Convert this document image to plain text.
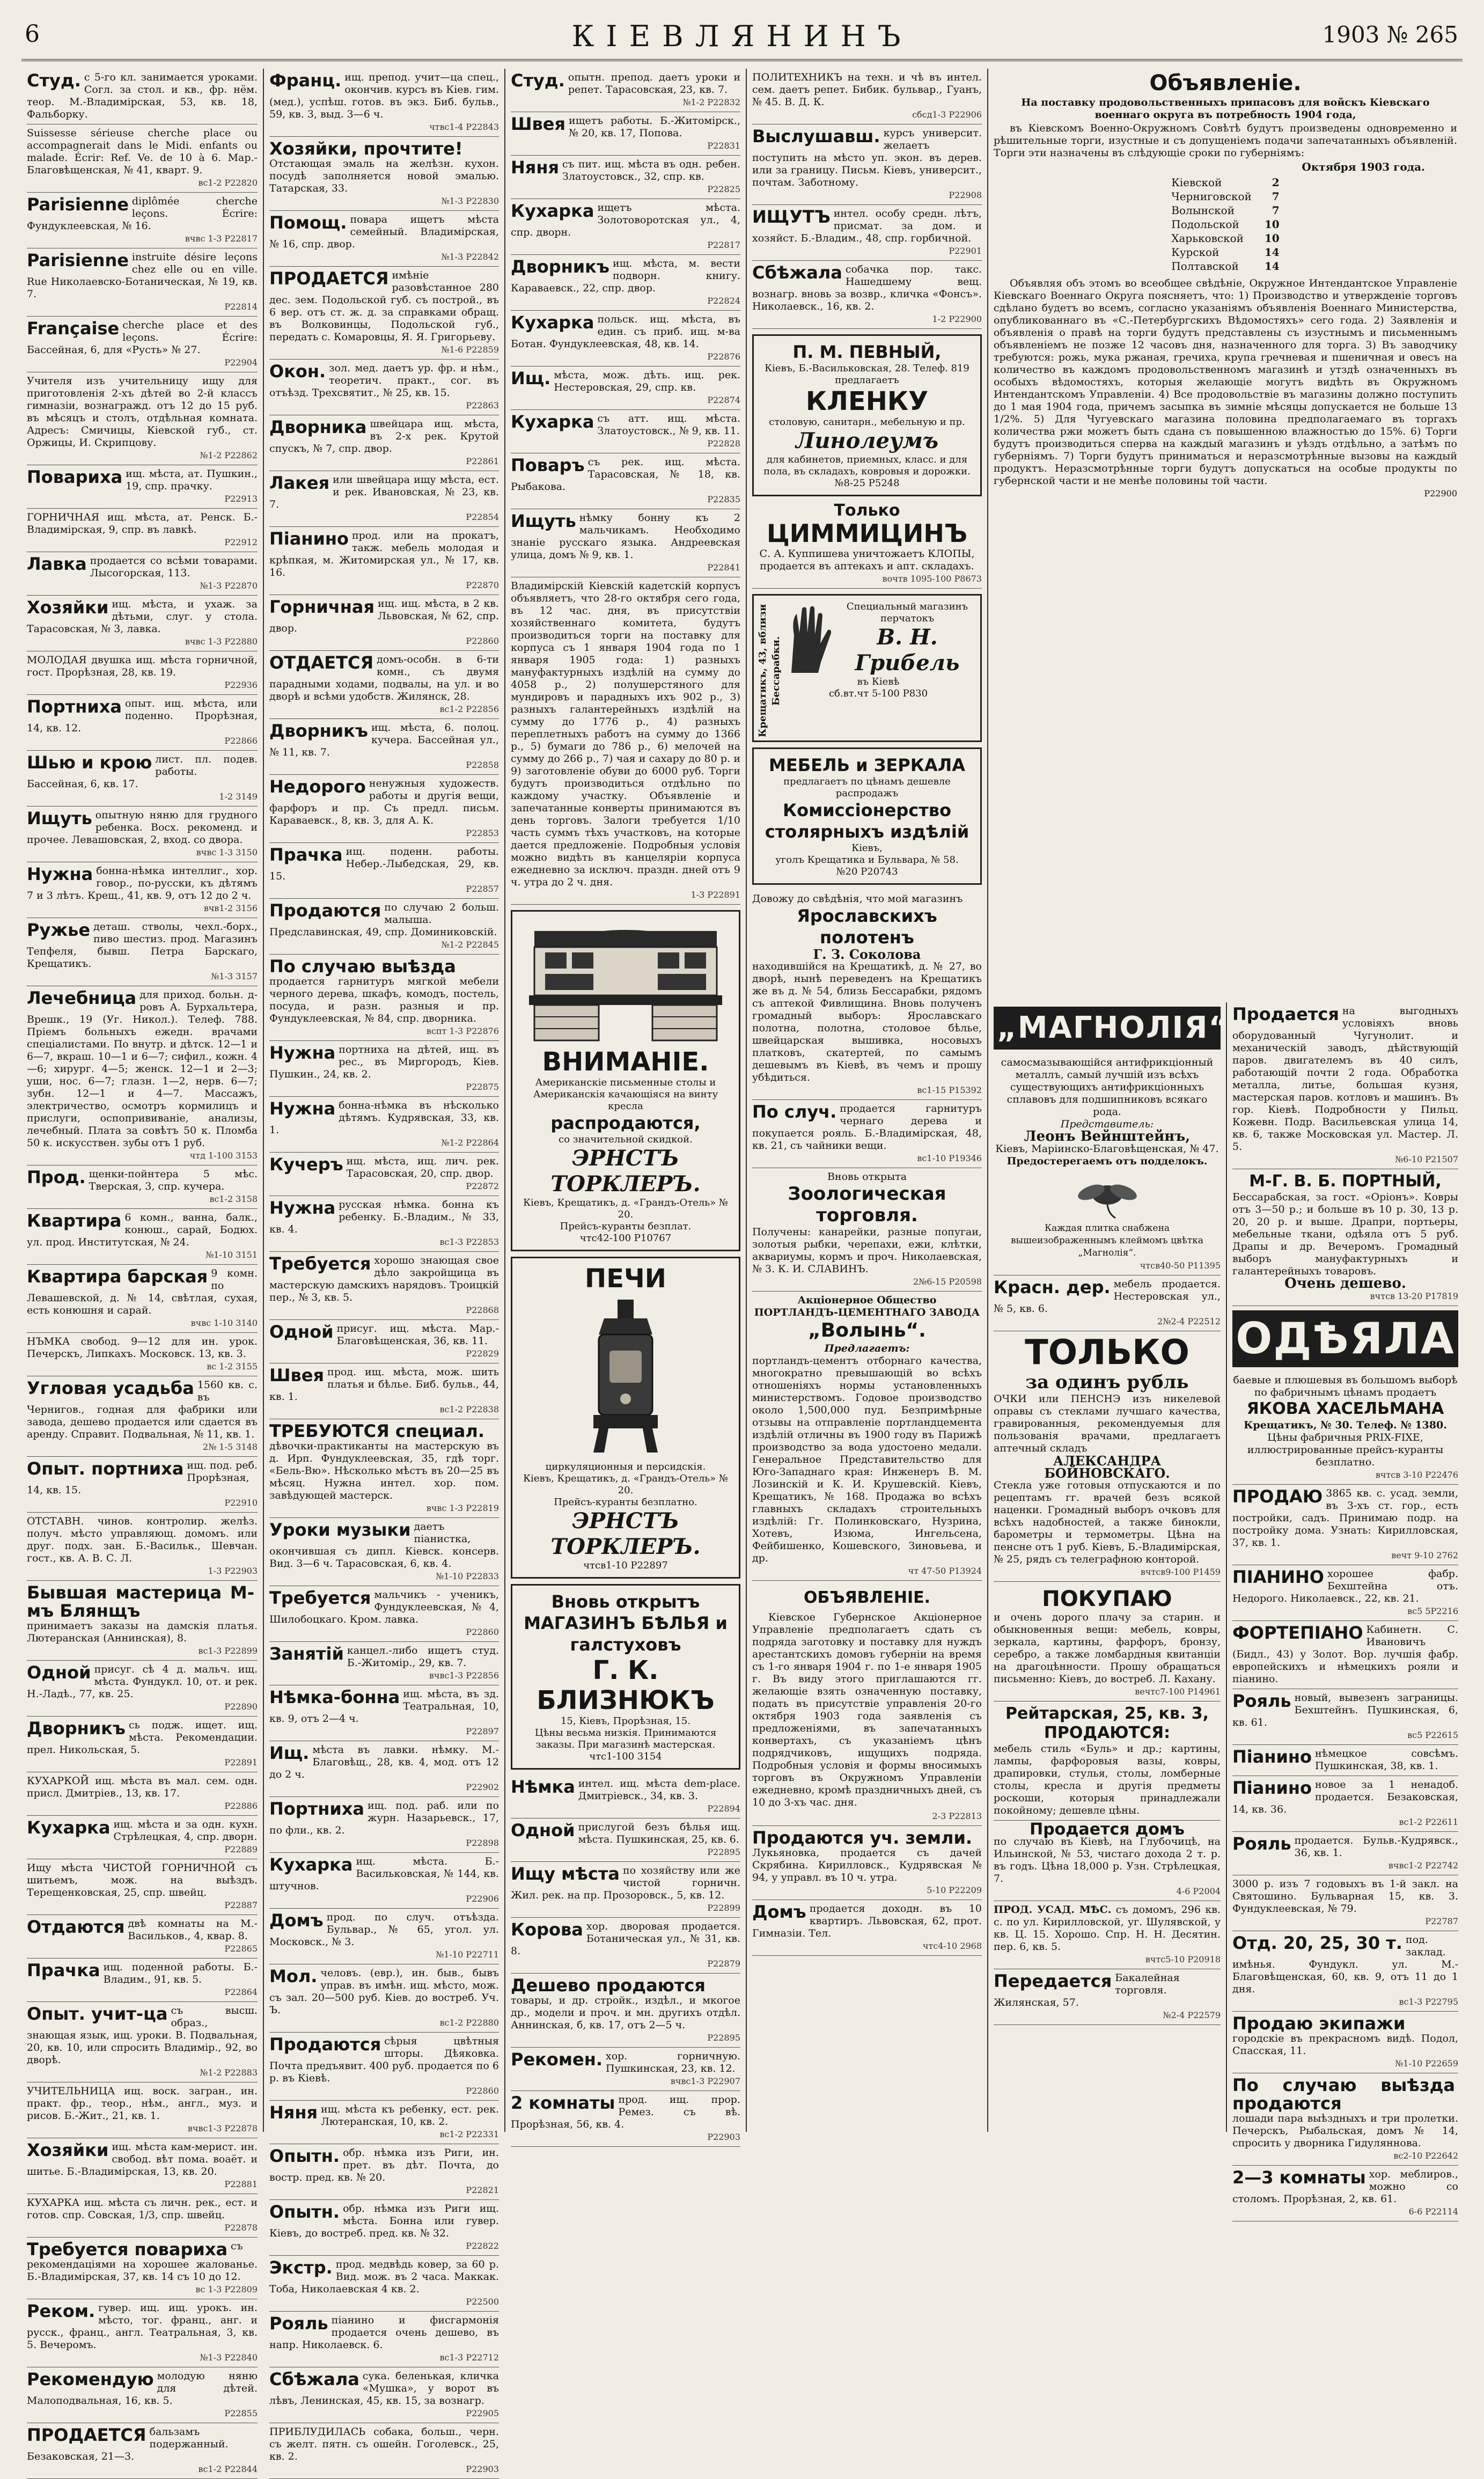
6	КІЕВЛЯНИНЪ	1903 № 265
Студ. с 5-го кл. занимается уроками. Согл. за стол. и кв., фр. нём. теор. М.-Владимірская, 53, кв. 18, Фальборку.
Suissesse sérieuse cherche place ou accompagnerait dans le Midi. enfants ou malade. Écrir: Ref. Ve. de 10 à 6. Мар.-Благовѣщенская, № 41, кварт. 9.
вс1-2 Р22820
Parisienne diplômée cherche leçons. Écrire: Фундуклеевская, № 16.
вчвс 1-3 Р22817
Parisienne instruite désire leçons chez elle ou en ville. Rue Николаевско-Ботаническая, № 19, кв. 7.
Р22814
Française cherche place et des leçons. Écrire: Бассейная, 6, для «Русть» № 27.
Р22904
Учителя изъ учительницу ищу для приготовленія 2-хъ дѣтей во 2-й классъ гимназіи, вознагражд. отъ 12 до 15 руб. въ мѣсяцъ и столъ, отдѣльная комната. Адресъ: Смичицы, Кіевской губ., ст. Оржицы, И. Скрипцову.
№1-2 Р22862
Повариха ищ. мѣста, ат. Пушкин., 19, спр. прачку.
Р22913
ГОРНИЧНАЯ ищ. мѣста, ат. Ренск. Б.-Владимірская, 9, спр. въ лавкѣ.
Р22912
Лавка продается со всѣми товарами. Лысогорская, 113.
№1-3 Р22870
Хозяйки ищ. мѣста, и ухаж. за дѣтьми, слуг. у стола. Тарасовская, № 3, лавка.
вчвс 1-3 Р22880
МОЛОДАЯ двушка ищ. мѣста горничной, гост. Прорѣзная, 28, кв. 19.
Р22936
Портниха опыт. ищ. мѣста, или поденно. Прорѣзная, 14, кв. 12.
Р22866
Шью и крою лист. пл. подев. работы. Бассейная, 6, кв. 17.
1-2 3149
Ищуть опытную няню для грудного ребенка. Восх. рекоменд. и прочее. Левашовская, 2, вход. со двора.
вчвс 1-3 3150
Нужна бонна-нѣмка интеллиг., хор. говор., по-русски, къ дѣтямъ 7 и 3 лѣтъ. Крещ., 41, кв. 9, отъ 12 до 2 ч.
вчв1-2 3156
Ружье деташ. стволы, чехл.-борх., пиво шестиз. прод. Магазинъ Тепфеля, бывш. Петра Барскаго, Крещатикъ.
№1-3 3157
Лечебница для приход. больн. д-ровъ А. Бурхальтера, Врешк., 19 (Уг. Никол.). Телеф. 788. Пріемъ больныхъ ежедн. врачами спеціалистами. По внутр. и дѣтск. 12—1 и 6—7, вкраш. 10—1 и 6—7; сифил., кожн. 4—6; хирург. 4—5; женск. 12—1 и 2—3; уши, нос. 6—7; глазн. 1—2, нерв. 6—7; зубн. 12—1 и 4—7. Массажъ, электричество, осмотръ кормилицъ и прислуги, оспопрививаніе, анализы, лечебный. Плата за совѣтъ 50 к. Пломба 50 к. искусствен. зубы отъ 1 руб.
чтд 1-100 3153
Прод. щенки-пойнтера 5 мѣс. Тверская, 3, спр. кучера.
вс1-2 3158
Квартира 6 комн., ванна, балк., конюш., сарай, Бодюх. ул. прод. Институтская, № 24.
№1-10 3151
Квартира барская 9 комн. по Левашевской, д. № 14, свѣтлая, сухая, есть конюшня и сарай.
вчвс 1-10 3140
НЪМКА свобод. 9—12 для ин. урок. Печерскъ, Липкахъ. Московск. 13, кв. 3.
вс 1-2 3155
Угловая усадьба 1560 кв. с. въ Чернигов., годная для фабрики или завода, дешево продается или сдается въ аренду. Справит. Подвальная, № 11, кв. 1.
2№ 1-5 3148
Опыт. портниха ищ. под. реб. Прорѣзная, 14, кв. 15.
Р22910
ОТСТАВН. чинов. контролир. желѣз. получ. мѣсто управляющ. домомъ. или друг. подх. зан. Б.-Васильк., Шевчан. гост., кв. А. В. С. Л.
1-3 Р22903
Бывшая мастерица М-мъ Блянщъ
принимаетъ заказы на дамскія платья. Лютеранская (Аннинская), 8.
вс1-3 Р22899
Одной присуг. сѣ 4 д. мальч. ищ. мѣста. Фундукл. 10, от. и рек. Н.-Ладѣ., 77, кв. 25.
Р22890
Дворникъ сь подж. ищет. ищ. мѣста. Рекомендации. прел. Никольская, 5.
Р22891
КУХАРКОЙ ищ. мѣста въ мал. сем. одн. присл. Дмитріев., 13, кв. 17.
Р22886
Кухарка ищ. мѣста и за одн. кухн. Стрѣлецкая, 4, спр. дворн.
Р22889
Ищу мѣста ЧИСТОЙ ГОРНИЧНОЙ съ шитьемъ, мож. на выѣздъ. Терещенковская, 25, спр. швейц.
Р22887
Отдаются двѣ комнаты на М.-Васильков., 4, квар. 8.
Р22865
Прачка ищ. поденной работы. Б.-Владим., 91, кв. 5.
Р22864
Опыт. учит-ца съ высш. образ., знающая язык, ищ. уроки. В. Подвальная, 20, кв. 10, или спросить Владимір., 92, во дворѣ.
№1-2 Р22883
УЧИТЕЛЬНИЦА ищ. воск. загран., ин. практ. фр., теор., нѣм., англ., муз. и рисов. Б.-Жит., 21, кв. 1.
вчвс1-3 Р22878
Хозяйки ищ. мѣста кам-мерист. ин. свобод. вѣт пома. воаёт. и шитье. Б.-Владимірская, 13, кв. 20.
Р22881
КУХАРКА ищ. мѣста съ личн. рек., ест. и готов. спр. Совская, 1/3, спр. швейц.
Р22878
Требуется повариха съ рекомендаціями на хорошее жалованье. Б.-Владимірская, 37, кв. 14 съ 10 до 12.
вс 1-3 Р22809
Реком. гувер. ищ. ищ. урокъ. ин. мѣсто, тог. франц., анг. и русск., франц., англ. Театральная, 3, кв. 5. Вечеромъ.
№1-3 Р22840
Рекомендую молодую няню для дѣтей. Малоподвальная, 16, кв. 5.
Р22855
ПРОДАЕТСЯ бальзамъ подержанный. Безаковская, 21—3.
вс1-2 Р22844
Франц. ищ. препод. учит—ца спец., окончив. курсъ въ Кіев. гим. (мед.), успѣш. готов. въ экз. Биб. бульв., 59, кв. 3, выд. 3—6 ч.
чтвс1-4 Р22843
Хозяйки, прочтите!
Отстающая эмаль на желѣзн. кухон. посудѣ заполняется новой эмалью. Татарская, 33.
№1-3 Р22830
Помощ. повара ищетъ мѣста семейный. Владимірская, № 16, спр. двор.
№1-3 Р22842
ПРОДАЕТСЯ имѣніе разовѣстанное 280 дес. зем. Подольской губ. съ построй., въ 6 вер. отъ ст. ж. д. за справками обращ. въ Волковинцы, Подольской губ., передать с. Комаровцы, Я. Я. Григорьеву.
№1-6 Р22859
Окон. зол. мед. даетъ ур. фр. и нѣм., теоретич. практ., сог. въ отъѣзд. Трехсвятит., № 25, кв. 15.
Р22863
Дворника швейцара ищ. мѣста, въ 2-х рек. Крутой спускъ, № 7, спр. двор.
Р22861
Лакея или швейцара ищу мѣста, ест. и рек. Ивановская, № 23, кв. 7.
Р22854
Піанино прод. или на прокатъ, такж. мебель молодая и крѣпкая, м. Житомирская ул., № 17, кв. 16.
Р22870
Горничная ищ. ищ. мѣста, в 2 кв. Львовская, № 62, спр. двор.
Р22860
ОТДАЕТСЯ домъ-особн. в 6-ти комн., съ двумя парадными ходами, подвалы, на ул. и во дворѣ и всѣми удобств. Жилянск, 28.
вс1-2 Р22856
Дворникъ ищ. мѣста, 6. полоц. кучера. Бассейная ул., № 11, кв. 7.
Р22858
Недорого ненужныя художеств. работы и другія вещи, фарфоръ и пр. Съ предл. письм. Караваевск., 8, кв. 3, для А. К.
Р22853
Прачка ищ. поденн. работы. Небер.-Лыбедская, 29, кв. 15.
Р22857
Продаются по случаю 2 больш. малыша. Предславинская, 49, спр. Доминиковскій.
№1-2 Р22845
По случаю выѣзда
продается гарнитуръ мягкой мебели черного дерева, шкафъ, комодъ, постель, посуда, и разн. разныя и пр. Фундуклеевская, № 84, спр. дворника.
вспт 1-3 Р22876
Нужна портниха на дѣтей, ищ. въ рес., въ Миргородъ, Кіев. Пушкин., 24, кв. 2.
Р22875
Нужна бонна-нѣмка въ нѣсколько дѣтямъ. Кудрявская, 33, кв. 1.
№1-2 Р22864
Кучеръ ищ. мѣста, ищ. лич. рек. Тарасовская, 20, спр. двор.
Р22872
Нужна русская нѣмка. бонна къ ребенку. Б.-Владим., № 33, кв. 4.
вс1-3 Р22853
Требуется хорошо знающая свое дѣло закройщица въ мастерскую дамскихъ нарядовъ. Троицкій пер., № 3, кв. 5.
Р22868
Одной присуг. ищ. мѣста. Мар.-Благовѣщенская, 36, кв. 11.
Р22829
Швея прод. ищ. мѣста, мож. шить платья и бѣлье. Биб. бульв., 44, кв. 1.
вс1-2 Р22838
ТРЕБУЮТСЯ специал.
дѣвочки-практиканты на мастерскую въ д. Ирп. Фундуклеевская, 35, гдѣ торг. «Бель-Вю». Нѣсколько мѣстъ въ 20—25 въ мѣсяц. Нужна интел. хор. пом. завѣдующей мастерск.
вчвс 1-3 Р22819
Уроки музыки даетъ піанистка, окончившая съ дипл. Кіевск. консерв. Вид. 3—6 ч. Тарасовская, 6, кв. 4.
№1-10 Р22833
Требуется мальчикъ - ученикъ, Фундуклеевская, № 4, Шилобоцкаго. Кром. лавка.
Р22860
Занятій канцел.-либо ищетъ студ. Б.-Житомір., 29, кв. 7.
вчвс1-3 Р22856
Нѣмка-бонна ищ. мѣста, въ зд. Театральная, 10, кв. 9, отъ 2—4 ч.
Р22897
Ищ. мѣста въ лавки. нѣмку. М.-Благовѣщ., 28, кв. 4, мод. отъ 12 до 2 ч.
Р22902
Портниха ищ. под. раб. или по журн. Назарьевск., 17, по фли., кв. 2.
Р22898
Кухарка ищ. мѣста. Б.-Васильковская, № 144, кв. штучнов.
Р22906
Домъ прод. по случ. отъѣзда. Бульвар., № 65, угол. ул. Московск., № 3.
№1-10 Р22711
Мол. человъ. (евр.), ин. быв., бывъ управ. въ имѣн. ищ. мѣсто, мож. съ зал. 20—500 руб. Кіев. до востреб. Уч. Ъ.
вс1-2 Р22880
Продаются сѣрыя цвѣтныя шторы. Дѣяковка. Почта предъявит. 400 руб. продается по 6 р. въ Кіевѣ.
Р22860
Няня ищ. мѣста къ ребенку, ест. рек. Лютеранская, 10, кв. 2.
вс1-2 Р22331
Опытн. обр. нѣмка изъ Риги, ин. прет. въ дѣт. Почта, до востр. пред. кв. № 20.
Р22821
Опытн. обр. нѣмка изъ Риги ищ. мѣста. Бонна или гувер. Кіевъ, до востреб. пред. кв. № 32.
Р22822
Экстр. прод. медвѣдь ковер, за 60 р. Вид. мож. въ 2 часа. Маккак. Тоба, Николаевская 4 кв. 2.
Р22500
Рояль піанино и фисгармонія продается очень дешево, въ напр. Николаевск. 6.
вс1-3 Р22712
Сбѣжала сука. беленькая, кличка «Мушка», у ворот въ лѣвъ, Ленинская, 45, кв. 15, за вознагр.
Р22905
ПРИБЛУДИЛАСЬ собака, больш., черн. съ желт. пятн. съ ошейн. Гоголевск., 25, кв. 2.
Р22903
Студ. опытн. препод. даетъ уроки и репет. Тарасовская, 23, кв. 7.
№1-2 Р22832
Швея ищетъ работы. Б.-Житомірск., № 20, кв. 17, Попова.
Р22831
Няня съ пит. ищ. мѣста въ одн. ребен. Златоустовск., 32, спр. кв.
Р22825
Кухарка ищетъ мѣста. Золотоворотская ул., 4, спр. дворн.
Р22817
Дворникъ ищ. мѣста, м. вести подворн. книгу. Караваевск., 22, спр. двор.
Р22824
Кухарка польск. ищ. мѣста, въ един. съ приб. ищ. м-ва Ботан. Фундуклеевская, 48, кв. 14.
Р22876
Ищ. мѣста, мож. дѣть. ищ. рек. Нестеровская, 29, спр. кв.
Р22874
Кухарка съ атт. ищ. мѣста. Златоустовск., № 9, кв. 11.
Р22828
Поваръ съ рек. ищ. мѣста. Тарасовская, № 18, кв. Рыбакова.
Р22835
Ищуть нѣмку бонну къ 2 мальчикамъ. Необходимо знаніе русскаго языка. Андреевская улица, домъ № 9, кв. 1.
Р22841
Владимірскій Кіевскій кадетскій корпусъ объявляетъ, что 28-го октября сего года, въ 12 час. дня, въ присутствіи хозяйственнаго комитета, будутъ производиться торги на поставку для корпуса съ 1 января 1904 года по 1 января 1905 года: 1) разныхъ мануфактурныхъ издѣлій на сумму до 4058 р., 2) полушерстяного для мундировъ и парадныхъ ихъ 902 р., 3) разныхъ галантерейныхъ издѣлій на сумму до 1776 р., 4) разныхъ переплетныхъ работъ на сумму до 1366 р., 5) бумаги до 786 р., 6) мелочей на сумму до 266 р., 7) чая и сахару до 80 р. и 9) заготовленіе обуви до 6000 руб. Торги будутъ производиться отдѣльно по каждому участку. Объявленіе и запечатанные конверты принимаются въ день торговъ. Залоги требуется 1/10 часть суммъ тѣхъ участковъ, на которые дается предложеніе. Подробныя условія можно видѣть въ канцеляріи корпуса ежедневно за исключ. праздн. дней отъ 9 ч. утра до 2 ч. дня.
1-3 Р22891
ВНИМАНІЕ.
Американскіе письменные столы и Американскія качающіяся на винту кресла
распродаются,
со значительной скидкой.
ЭРНСТЪ ТОРКЛЕРЪ.
Кіевъ, Крещатикъ, д. «Грандъ-Отель» № 20.
Прейсъ-куранты безплат.
чтс42-100 Р10767
ПЕЧИ
циркуляционныя и персидскія.
Кіевъ, Крещатикъ, д. «Грандъ-Отель» № 20.
Прейсъ-куранты безплатно.
ЭРНСТЪ ТОРКЛЕРЪ.
чтсв1-10 Р22897
Вновь открытъ МАГАЗИНЪ БѢЛЬЯ и галстуховъ
Г. К. БЛИЗНЮКЪ
15, Кіевъ, Прорѣзная, 15.
Цѣны весьма низкія. Принимаются заказы. При магазинѣ мастерская.
чтс1-100 3154
Нѣмка интел. ищ. мѣста dem-place. Дмитріевск., 34, кв. 3.
Р22894
Одной прислугой безъ бѣлья ищ. мѣста. Пушкинская, 25, кв. 6.
Р22895
Ищу мѣста по хозяйству или же чистой горничн. Жил. рек. на пр. Прозоровск., 5, кв. 12.
Р22899
Корова хор. дворовая продается. Ботаническая ул., № 31, кв. 8.
Р22879
Дешево продаются
товары, и др. стройк., издѣл., и мкогое др., модели и проч. и мн. другихъ отдѣл. Аннинская, б, кв. 17, отъ 2—5 ч.
Р22895
Рекомен. хор. горничную. Пушкинская, 23, кв. 12.
вчвс1-3 Р22907
2 комнаты прод. ищ. прор. Ремез. съ вѣ. Прорѣзная, 56, кв. 4.
Р22903
ПОЛИТЕХНИКЪ на техн. и чѣ въ интел. сем. даетъ репет. Бибик. бульвар., Гуанъ, № 45. В. Д. К.
сбсд1-3 Р22906
Выслушавш. курсъ университ. желаетъ поступить на мѣсто уп. экон. въ дерев. или за границу. Письм. Кіевъ, университ., почтам. Заботному.
Р22908
ИЩУТЪ интел. особу средн. лѣтъ, присмат. за дом. и хозяйст. Б.-Владим., 48, спр. горбичной.
Р22901
Сбѣжала собачка пор. такс. Нашедшему вещ. вознагр. вновь за возвр., кличка «Фонсъ». Николаевск., 16, кв. 2.
1-2 Р22900
П. М. ПЕВНЫЙ,
Кіевъ, Б.-Васильковская, 28. Телеф. 819 предлагаетъ
КЛЕНКУ
столовую, санитарн., мебельную и пр.
Линолеумъ
для кабинетов, приемных, класс. и для пола, въ складахъ, ковровыя и дорожки.
№8-25 Р5248
Только
ЦИММИЦИНЪ
С. А. Куппишева уничтожаетъ КЛОПЫ, продается въ аптекахъ и апт. складахъ.
вочтв 1095-100 Р8673
Крещатикъ, 43, вблизи Бессарабки.
Специальный магазинъ перчатокъ
В. Н. Грибель
въ Кіевѣ
сб.вт.чт 5-100 Р830
МЕБЕЛЬ и ЗЕРКАЛА
предлагаетъ по цѣнамъ дешевле распродажъ
Комиссіонерство столярныхъ издѣлій
Кіевъ,
уголъ Крещатика и Бульвара, № 58.
№20 Р20743
Довожу до свѣдѣнія, что мой магазинъ
Ярославскихъ полотенъ
Г. З. Соколова
находившійся на Крещатикѣ, д. № 27, во дворѣ, нынѣ переведенъ на Крещатикъ же въ д. № 54, близь Бессарабки, рядомъ съ аптекой Фивлищина. Вновь полученъ громадный выборъ: Ярославскаго полотна, полотна, столовое бѣлье, швейцарская вышивка, носовыхъ платковъ, скатертей, по самымъ дешевымъ въ Кіевѣ, въ чемъ и прошу убѣдиться.
вс1-15 Р15392
По случ. продается гарнитуръ чернаго дерева и покупается рояль. Б.-Владимірская, 48, кв. 21, съ чайники вещи.
вс1-10 Р19346
Вновь открыта
Зоологическая торговля.
Получены: канарейки, разные попугаи, золотыя рыбки, черепахи, ежи, клѣтки, аквариумы, кормъ и проч. Николаевская, № 3. К. И. СЛАВИНЪ.
2№6-15 Р20598
Акціонерное Общество
ПОРТЛАНДЪ-ЦЕМЕНТНАГО ЗАВОДА
„Волынь“.
Предлагаетъ:
портландъ-цементъ отборнаго качества, многократно превышающій во всѣхъ отношеніяхъ нормы установленныхъ министерствомъ. Годовое производство около 1,500,000 пуд. Безпримѣрные отзывы на отправленіе портландцемента издѣлій отличны въ 1900 году въ Парижѣ производство за вода удостоено медали. Генеральное Представительство для Юго-Западнаго края: Инженеръ В. М. Лозинскій и К. И. Крушевскій. Кіевъ, Крещатикъ, № 168. Продажа во всѣхъ главныхъ складахъ строительныхъ издѣлій: Гг. Полинковскаго, Нузрина, Хотевъ, Изюма, Ингельсена, Фейбишенко, Кошевского, Зиновьева, и др.
чт 47-50 Р13924
ОБЪЯВЛЕНІЕ.
Кіевское Губернское Акціонерное Управленіе предполагаетъ сдать съ подряда заготовку и поставку для нуждъ арестантскихъ домовъ губерніи на время съ 1-го января 1904 г. по 1-е января 1905 г. Въ виду этого приглашаются гг. желающіе взять означенную поставку, подать въ присутствіе управленія 20-го октября 1903 года заявленія съ предложеніями, въ запечатанныхъ конвертахъ, съ указаніемъ цѣнъ подрядчиковъ, ищущихъ подряда. Подробныя условія и формы вносимыхъ торговъ въ Окружномъ Управленіи ежедневно, кромѣ праздничныхъ дней, съ 10 до 3-хъ час. дня.
2-3 Р22813
Продаются уч. земли.
Лукьяновка, продается съ дачей Скрябина. Кирилловск., Кудрявская № 94, у управл. въ 10 ч. утра.
5-10 Р22209
Домъ продается доходн. въ 10 квартиръ. Львовская, 62, прот. Гимназіи. Тел.
чтс4-10 2968
Объявленіе.
На поставку продовольственныхъ припасовъ для войскъ Кіевскаго военнаго округа въ потребность 1904 года,
въ Кіевскомъ Военно-Окружномъ Совѣтѣ будутъ произведены одновременно и рѣшительные торги, изустные и съ допущеніемъ подачи запечатанныхъ объявленій. Торги эти назначены въ слѣдующіе сроки по губерніямъ:
Октября 1903 года.
Кіевской	2
Черниговской	7
Волынской	7
Подольской	10
Харьковской	10
Курской	14
Полтавской	14
Объявляя объ этомъ во всеобщее свѣдѣніе, Окружное Интендантское Управленіе Кіевскаго Военнаго Округа поясняетъ, что: 1) Производство и утвержденіе торговъ сдѣлано будетъ во всемъ, согласно указаніямъ объявленія Военнаго Министерства, опубликованнаго въ «С.-Петербургскихъ Вѣдомостяхъ» сего года. 2) Заявленія и объявленія о правѣ на торги будутъ представлены съ изустнымъ и письменнымъ объявленіемъ не позже 12 часовъ дня, назначенного для торга. 3) Въ заводчику требуются: рожь, мука ржаная, гречиха, крупа гречневая и пшеничная и овесъ на количество въ каждомъ продовольственномъ магазинѣ и утздѣ означенныхъ въ особыхъ вѣдомостяхъ, которыя желающіе могутъ видѣть въ Окружномъ Интендантскомъ Управленіи. 4) Все продовольствіе въ магазины должно поступить до 1 мая 1904 года, причемъ засыпка въ зимніе мѣсяцы допускается не больше 13 1/2%. 5) Для Чугуевскаго магазина половина предполагаемаго въ торгахъ количества ржи можетъ быть сдана съ повышенною влажностью до 15%. 6) Торги будутъ производиться сперва на каждый магазинъ и уѣздъ отдѣльно, а затѣмъ по губерніямъ. 7) Торги будутъ приниматься и неразсмотрѣнные вызовы на каждый продуктъ. Неразсмотрѣнные торги будутъ допускаться на особые продукты по губернской части и не менѣе половины той части.
Р22900
„МАГНОЛІЯ“
самосмазывающійся антифрикціонный металлъ, самый лучшій изъ всѣхъ существующихъ антифрикціонныхъ сплавовъ для подшипниковъ всякаго рода.
Представитель:
Леонъ Вейнштейнъ,
Кіевъ, Маріинско-Благовѣщенская, № 47.
Предостерегаемъ отъ подделокъ.
Каждая плитка снабжена вышеизображеннымъ клеймомъ цвѣтка „Магнолія“.
чтсв40-50 Р11395
Красн. дер. мебель продается. Нестеровская ул., № 5, кв. 6.
2№2-4 Р22512
ТОЛЬКО
за одинъ рубль
ОЧКИ или ПЕНСНЭ изъ никелевой оправы съ стеклами лучшаго качества, гравированныя, рекомендуемыя для пользованія врачами, предлагаетъ аптечный складъ
АЛЕКСАНДРА БОЙНОВСКАГО.
Стекла уже готовыя отпускаются и по рецептамъ гг. врачей безъ всякой наценки. Громадный выборъ очковъ для всѣхъ надобностей, а также бинокли, барометры и термометры. Цѣна на пенсне отъ 1 руб. Кіевъ, Б.-Владимірская, № 25, рядъ съ телеграфною конторой.
вчтсв9-100 Р1459
ПОКУПАЮ
и очень дорого плачу за старин. и обыкновенныя вещи: мебель, ковры, зеркала, картины, фарфоръ, бронзу, серебро, а также ломбардныя квитанціи на драгоцѣнности. Прошу обращаться письменно: Кіевъ, до востреб. Л. Кахану.
вечтс7-100 Р14961
Рейтарская, 25, кв. 3,
ПРОДАЮТСЯ:
мебель стиль «Буль» и др.; картины, лампы, фарфоровыя вазы, ковры, драпировки, стулья, столы, ломберные столы, кресла и другія предметы роскоши, которыя принадлежали покойному; дешевле цѣны.
Продается домъ
по случаю въ Кіевѣ, на Глубочицѣ, на Ильинской, № 53, чистаго дохода 2 т. р. въ годъ. Цѣна 18,000 р. Узн. Стрѣлецкая, 7.
4-6 Р2004
ПРОД. УСАД. МѢС. съ домомъ, 296 кв. с. по ул. Кирилловской, уг. Шулявской, у кв. Ц. 15. Хорошо. Спр. Н. Н. Десятин. пер. 6, кв. 5.
вчтс5-10 Р20918
Передается Бакалейная торговля. Жилянская, 57.
№2-4 Р22579
Продается на выгодныхъ условіяхъ вновь оборудованный Чугунолит. и механическій заводъ, дѣйствующій паров. двигателемъ въ 40 силъ, работающій почти 2 года. Обработка металла, литье, большая кузня, мастерская паров. котловъ и машинъ. Въ гор. Кіевѣ. Подробности у Пильц. Кожевн. Подр. Васильевская улица 14, кв. 6, также Московская ул. Мастер. Л. 5.
№6-10 Р21507
М-Г. В. Б. ПОРТНЫЙ,
Бессарабская, за гост. «Оріонъ». Ковры отъ 3—50 р.; и больше въ 10 р. 30, 13 р. 20, 20 р. и выше. Драпри, портьеры, мебельные ткани, одѣяла отъ 5 руб. Драпы и др. Вечеромъ. Громадный выборъ мануфактурныхъ и галантерейныхъ товаровъ.
Очень дешево.
вчтсв 13-20 Р17819
ОДѢЯЛА
баевые и плюшевыя въ большомъ выборѣ по фабричнымъ цѣнамъ продаетъ
ЯКОВА ХАСЕЛЬМАНА
Крещатикъ, № 30. Телеф. № 1380.
Цѣны фабричныя PRIX-FIXE, иллюстрированные прейсъ-куранты безплатно.
вчтсв 3-10 Р22476
ПРОДАЮ 3865 кв. с. усад. земли, въ 3-хъ ст. гор., есть постройки, садъ. Принимаю подр. на постройку дома. Узнать: Кирилловская, 37, кв. 1.
вечт 9-10 2762
ПІАНИНО хорошее фабр. Бехштейна отъ. Недорого. Николаевск., 22, кв. 21.
вс5 5Р2216
ФОРТЕПІАНО Кабинетн. С. Ивановичъ (Бидл., 43) у Золот. Вор. лучшія фабр. европейскихъ и нѣмецкихъ рояли и піанино.
Рояль новый, вывезенъ заграницы. Бехштейнъ. Пушкинская, 6, кв. 61.
вс5 Р22615
Піанино нѣмецкое совсѣмъ. Пушкинская, 38, кв. 1.
Піанино новое за 1 ненадоб. продается. Безаковская, 14, кв. 36.
вс1-2 Р22611
Рояль продается. Бульв.-Кудрявск., 36, кв. 1.
вчвс1-2 Р22742
3000 р. изъ 7 годовыхъ въ 1-й закл. на Святошино. Бульварная 15, кв. 3. Фундуклеевская, № 79.
Р22787
Отд. 20, 25, 30 т. под. заклад. имѣнья. Фундукл. ул. М.-Благовѣщенская, 60, кв. 9, отъ 11 до 1 дня.
вс1-3 Р22795
Продаю экипажи
городскіе въ прекрасномъ видѣ. Подол, Спасская, 11.
№1-10 Р22659
По случаю выѣзда продаются
лошади пара выѣздныхъ и три пролетки. Печерскъ, Рыбальская, домъ № 14, спросить у дворника Гидуляннова.
вс2-10 Р22642
2—3 комнаты хор. меблиров., можно со столомъ. Прорѣзная, 2, кв. 61.
6-6 Р22114
